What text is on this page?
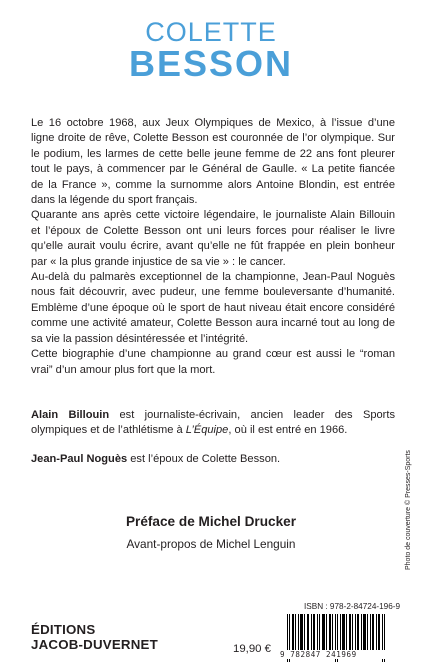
COLETTE
BESSON

Le 16 octobre 1968, aux Jeux Olympiques de Mexico, à l’issue d’une ligne droite de rêve, Colette Besson est couronnée de l’or olympique. Sur le podium, les larmes de cette belle jeune femme de 22 ans font pleurer tout le pays, à commencer par le Général de Gaulle. « La petite fiancée de la France », comme la surnomme alors Antoine Blondin, est entrée dans la légende du sport français.

Quarante ans après cette victoire légendaire, le journaliste Alain Billouin et l’époux de Colette Besson ont uni leurs forces pour réaliser le livre qu’elle aurait voulu écrire, avant qu’elle ne fût frappée en plein bonheur par « la plus grande injustice de sa vie » : le cancer.

Au-delà du palmarès exceptionnel de la championne, Jean-Paul Noguès nous fait découvrir, avec pudeur, une femme bouleversante d’humanité. Emblème d’une époque où le sport de haut niveau était encore considéré comme une activité amateur, Colette Besson aura incarné tout au long de sa vie la passion désintéressée et l’intégrité.

Cette biographie d’une championne au grand cœur est aussi le “roman vrai” d’un amour plus fort que la mort.

Alain Billouin est journaliste-écrivain, ancien leader des Sports olympiques et de l’athlétisme à L’Équipe, où il est entré en 1966.

Jean-Paul Noguès est l’époux de Colette Besson.

Préface de Michel Drucker
Avant-propos de Michel Lenguin	Photo de couverture © Presses-Sports
ÉDITIONS
JACOB-DUVERNET	19,90 €
ISBN : 978-2-84724-196-9
9 782847 241969
